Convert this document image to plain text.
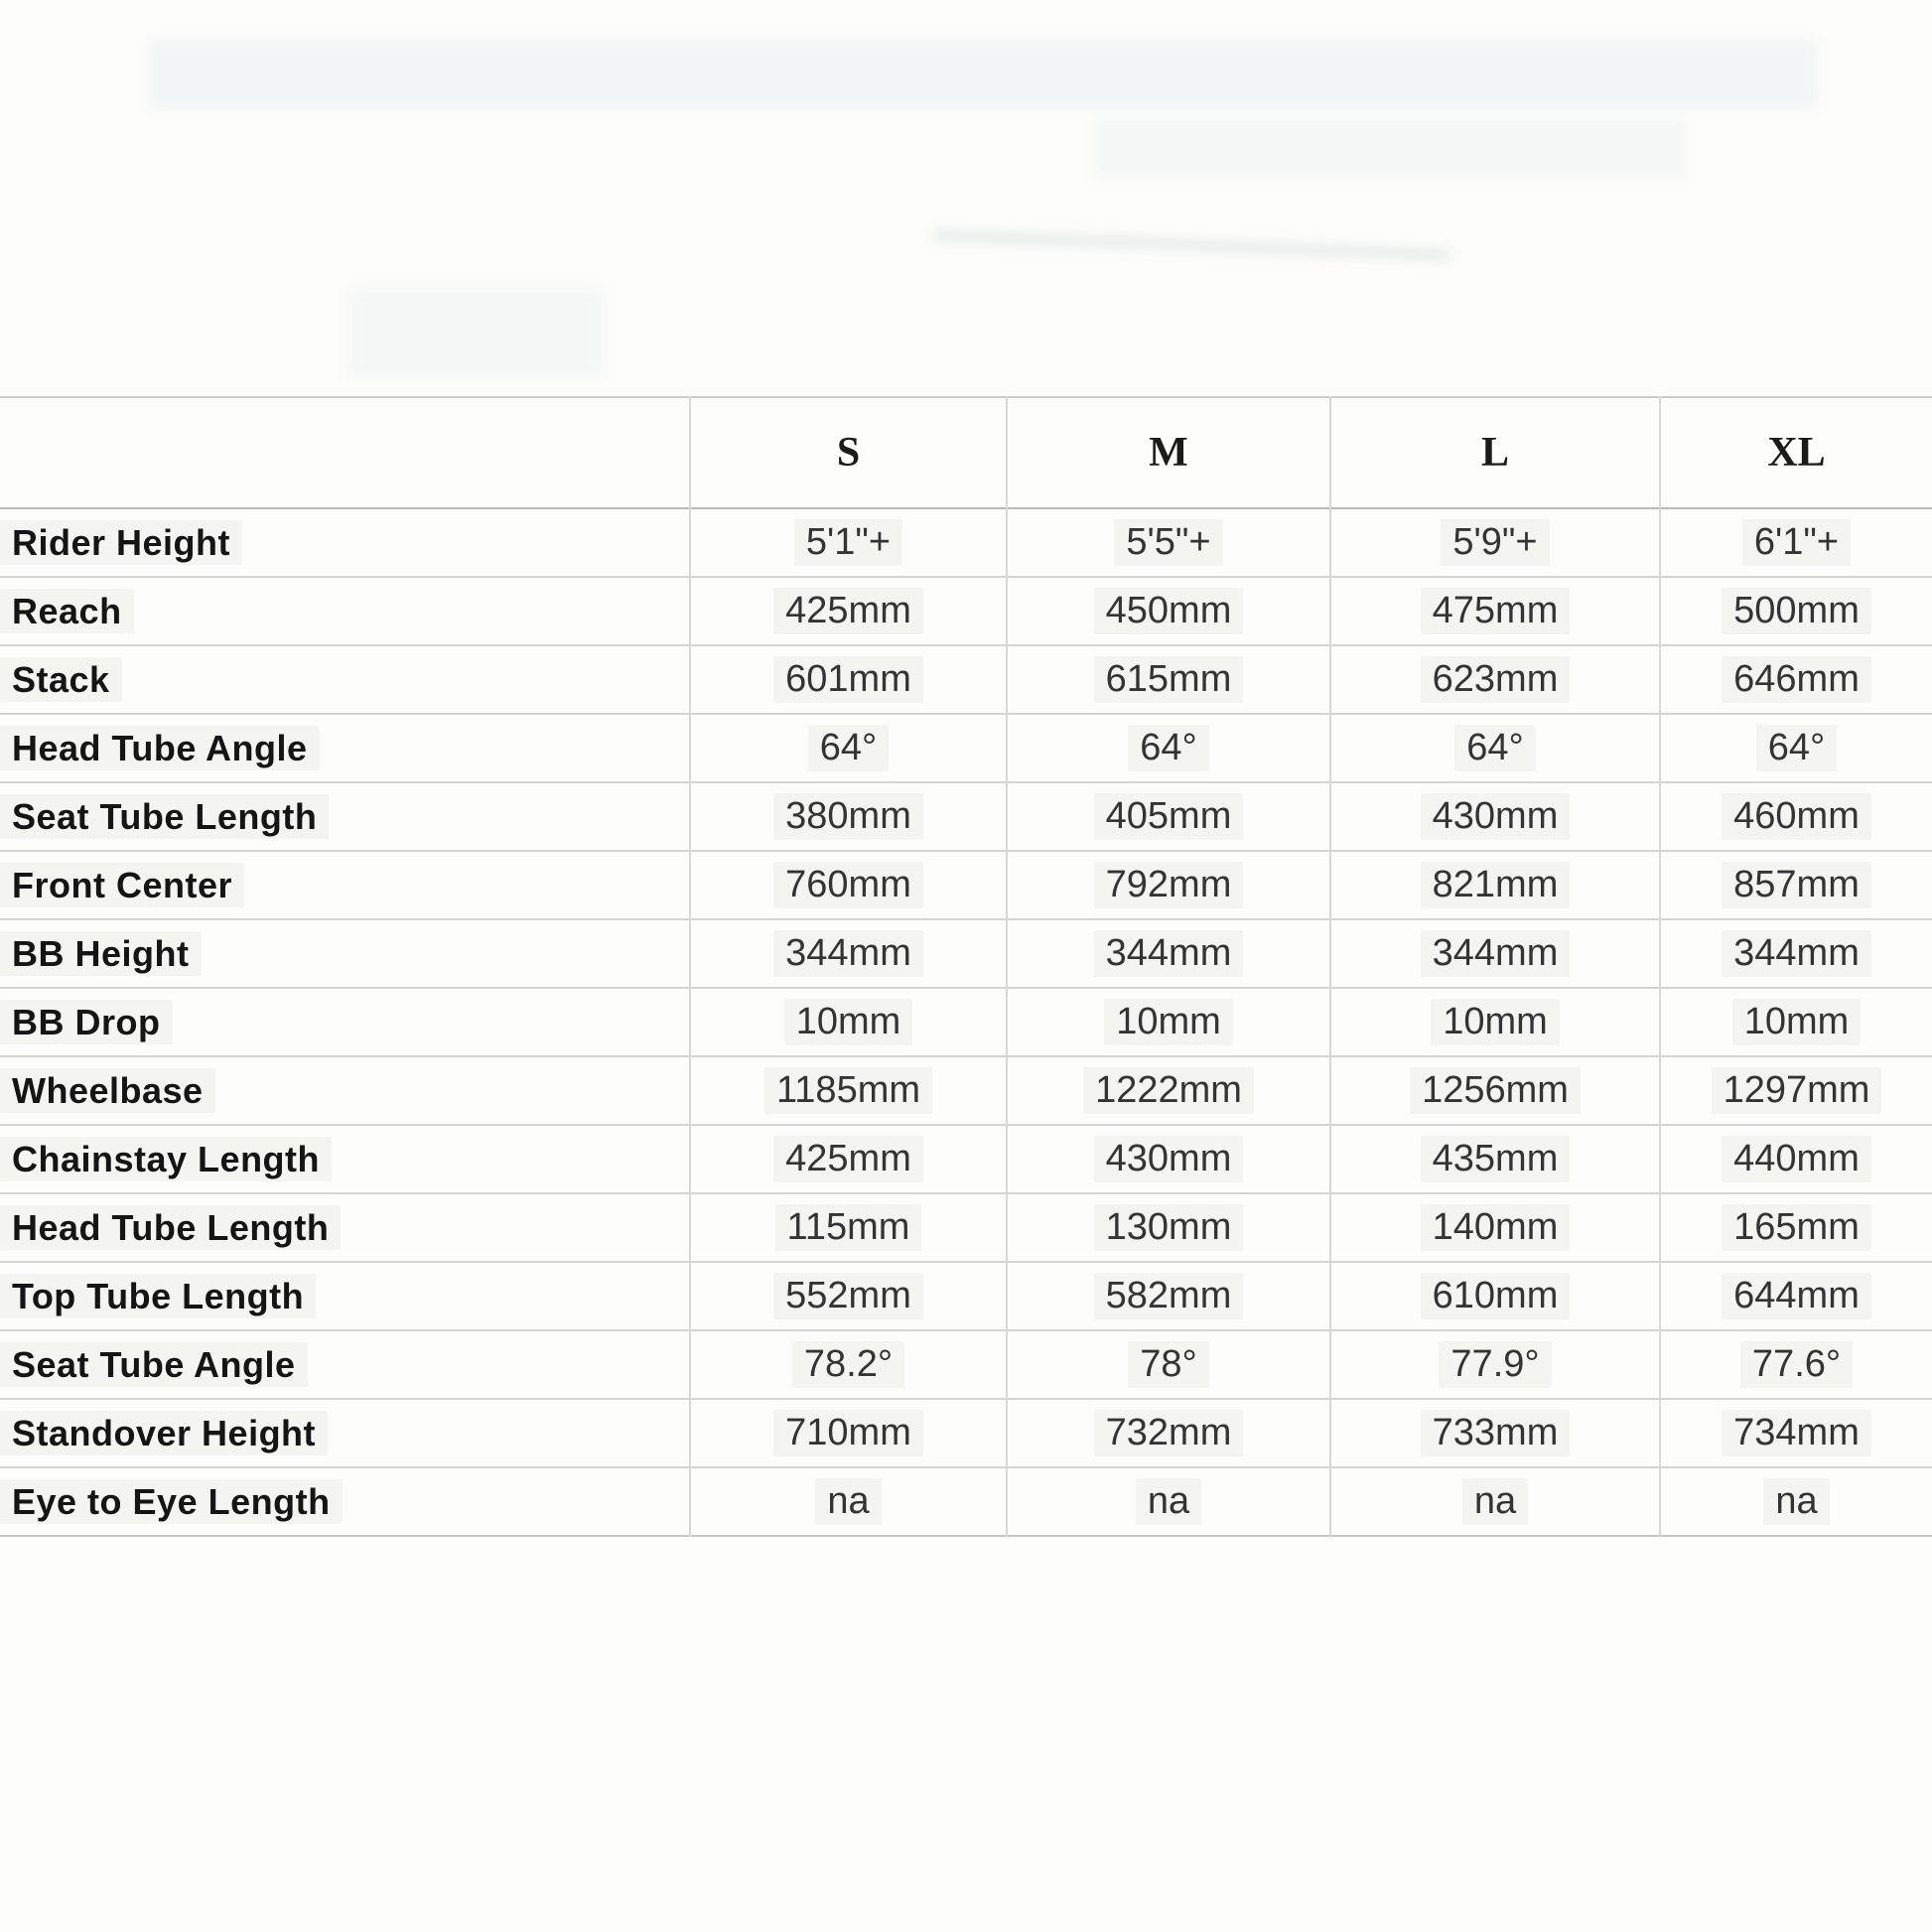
	S	M	L	XL
Rider Height	5'1"+	5'5"+	5'9"+	6'1"+
Reach	425mm	450mm	475mm	500mm
Stack	601mm	615mm	623mm	646mm
Head Tube Angle	64°	64°	64°	64°
Seat Tube Length	380mm	405mm	430mm	460mm
Front Center	760mm	792mm	821mm	857mm
BB Height	344mm	344mm	344mm	344mm
BB Drop	10mm	10mm	10mm	10mm
Wheelbase	1185mm	1222mm	1256mm	1297mm
Chainstay Length	425mm	430mm	435mm	440mm
Head Tube Length	115mm	130mm	140mm	165mm
Top Tube Length	552mm	582mm	610mm	644mm
Seat Tube Angle	78.2°	78°	77.9°	77.6°
Standover Height	710mm	732mm	733mm	734mm
Eye to Eye Length	na	na	na	na
